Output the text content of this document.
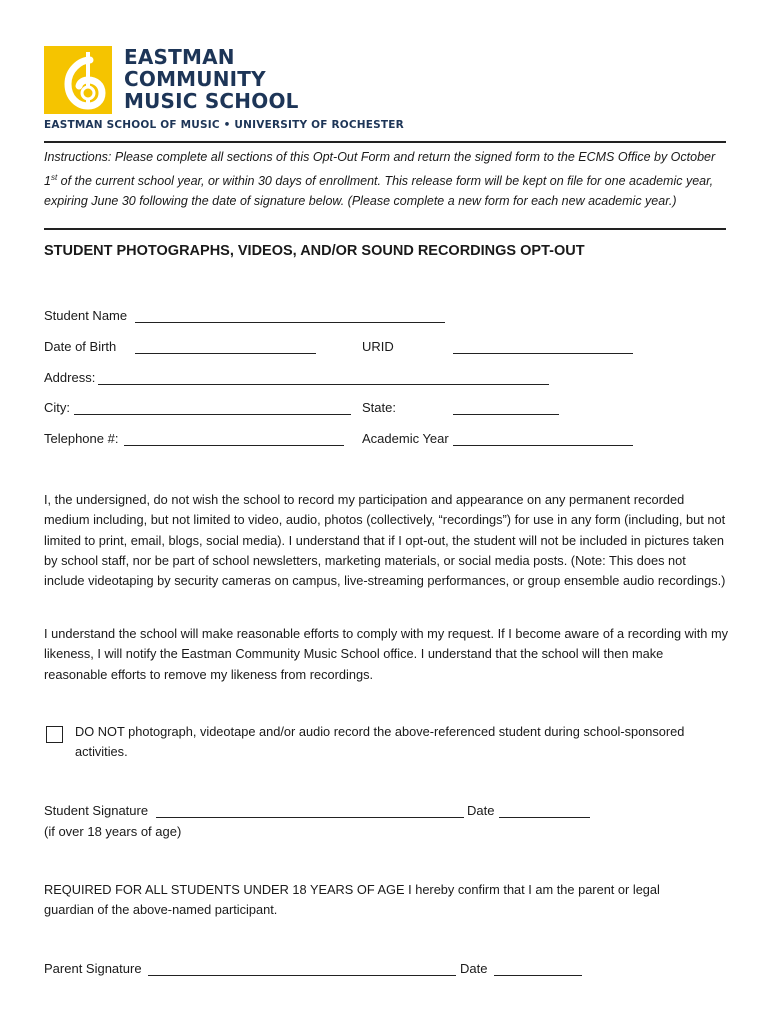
EASTMAN
COMMUNITY
MUSIC SCHOOL
EASTMAN SCHOOL OF MUSIC • UNIVERSITY OF ROCHESTER
Instructions: Please complete all sections of this Opt-Out Form and return the signed form to the ECMS Office by October 1st of the current school year, or within 30 days of enrollment. This release form will be kept on file for one academic year, expiring June 30 following the date of signature below. (Please complete a new form for each new academic year.)
STUDENT PHOTOGRAPHS, VIDEOS, AND/OR SOUND RECORDINGS OPT-OUT
Student Name
Date of Birth	URID
Address:
City:	State:
Telephone #:	Academic Year
I, the undersigned, do not wish the school to record my participation and appearance on any permanent recorded medium including, but not limited to video, audio, photos (collectively, “recordings”) for use in any form (including, but not limited to print, email, blogs, social media). I understand that if I opt-out, the student will not be included in pictures taken by school staff, nor be part of school newsletters, marketing materials, or social media posts. (Note: This does not include videotaping by security cameras on campus, live-streaming performances, or group ensemble audio recordings.)
I understand the school will make reasonable efforts to comply with my request. If I become aware of a recording with my likeness, I will notify the Eastman Community Music School office. I understand that the school will then make reasonable efforts to remove my likeness from recordings.
DO NOT photograph, videotape and/or audio record the above-referenced student during school-sponsored activities.
Student Signature	Date
(if over 18 years of age)
REQUIRED FOR ALL STUDENTS UNDER 18 YEARS OF AGE I hereby confirm that I am the parent or legal guardian of the above-named participant.
Parent Signature	Date
